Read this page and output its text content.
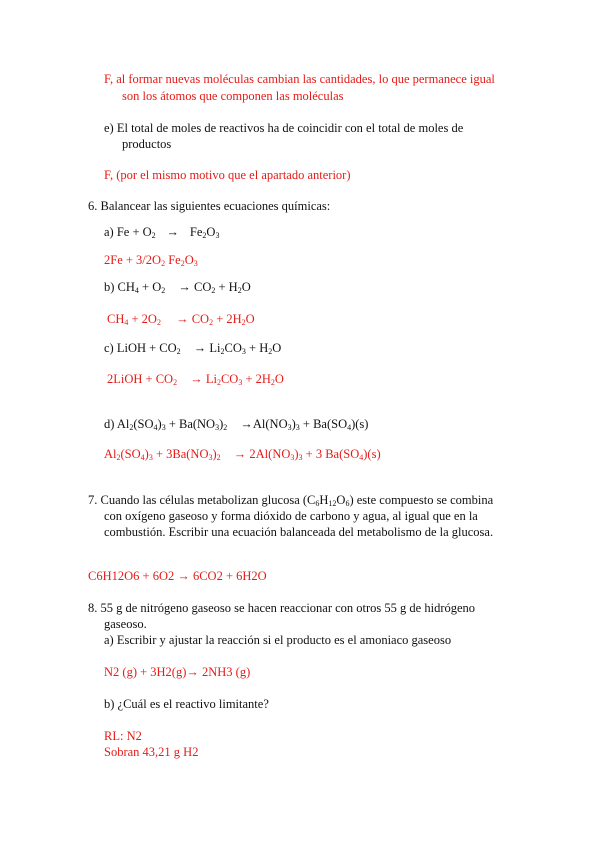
F, al formar nuevas moléculas cambian las cantidades, lo que permanece igual
son los átomos que componen las moléculas
e) El total de moles de reactivos ha de coincidir con el total de moles de
productos
F, (por el mismo motivo que el apartado anterior)
6. Balancear las siguientes ecuaciones químicas:
a) $Fe + O_2 \to Fe_2O_3$
$2Fe + 3/2O_2$ $Fe_2O_3$
b) $CH_4 + O_2 \to CO_2 + H_2O$
$CH_4 + 2O_2 \to CO_2 + 2H_2O$
c) LiOH + $CO_2 \to Li_2CO_3 + H_2O$
2LiOH + $CO_2 \to Li_2CO_3 + 2H_2O$
d) $Al_2(SO_4)_3 + Ba(NO_3)_2 \to Al(NO_3)_3 + Ba(SO_4)(s)$
$Al_2(SO_4)_3 + 3Ba(NO_3)_2 \to 2Al(NO_3)_3 + 3$ $Ba(SO_4)(s)$
7. Cuando las células metabolizan glucosa $(C_6H_{12}O_6)$ este compuesto se combina
con oxígeno gaseoso y forma dióxido de carbono y agua, al igual que en la
combustión. Escribir una ecuación balanceada del metabolismo de la glucosa.
C6H12O6 + 6O2 → 6CO2 + 6H2O
8. 55 g de nitrógeno gaseoso se hacen reaccionar con otros 55 g de hidrógeno
gaseoso.
a) Escribir y ajustar la reacción si el producto es el amoniaco gaseoso
N2 (g) + 3H2(g)→ 2NH3 (g)
b) ¿Cuál es el reactivo limitante?
RL: N2
Sobran 43,21 g H2
